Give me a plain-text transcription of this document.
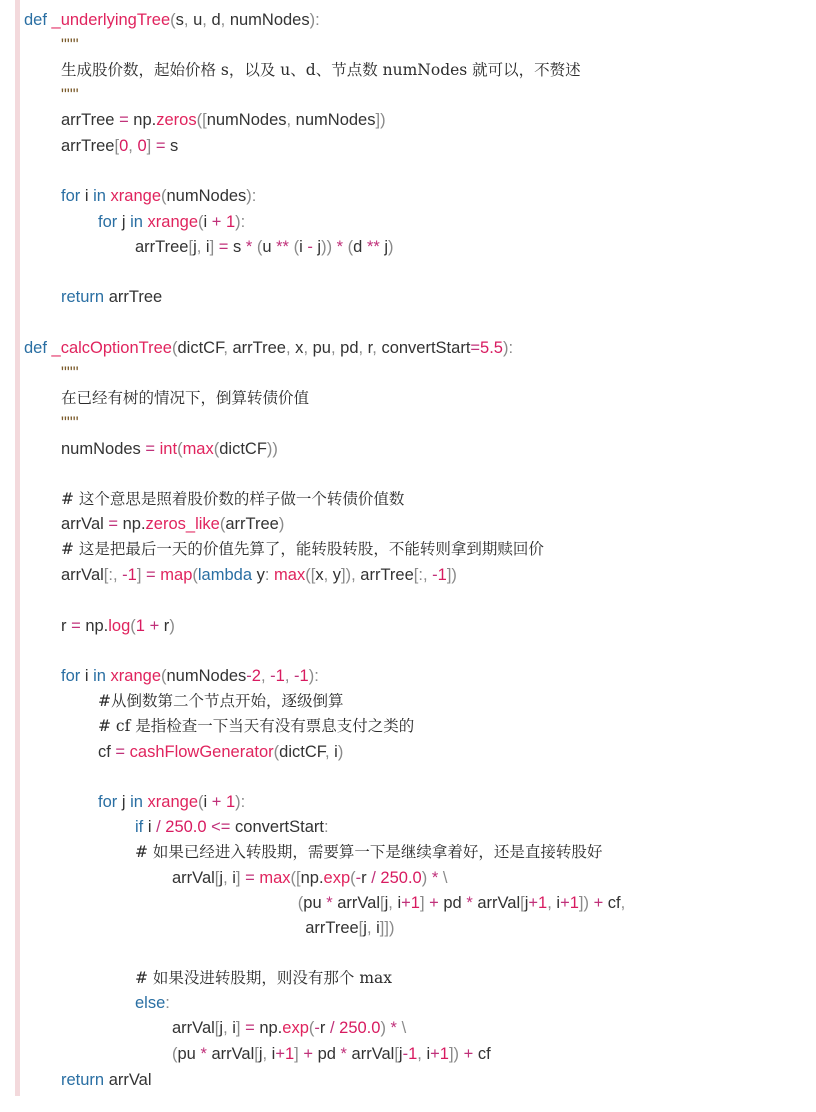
def _underlyingTree(s, u, d, numNodes):
"""
生成股价数，起始价格 s，以及 u、d、节点数 numNodes 就可以，不赘述
"""
arrTree = np.zeros([numNodes, numNodes])
arrTree[0, 0] = s
for i in xrange(numNodes):
for j in xrange(i + 1):
arrTree[j, i] = s * (u ** (i - j)) * (d ** j)
return arrTree
def _calcOptionTree(dictCF, arrTree, x, pu, pd, r, convertStart=5.5):
"""
在已经有树的情况下，倒算转债价值
"""
numNodes = int(max(dictCF))
# 这个意思是照着股价数的样子做一个转债价值数
arrVal = np.zeros_like(arrTree)
# 这是把最后一天的价值先算了，能转股转股，不能转则拿到期赎回价
arrVal[:, -1] = map(lambda y: max([x, y]), arrTree[:, -1])
r = np.log(1 + r)
for i in xrange(numNodes-2, -1, -1):
#从倒数第二个节点开始，逐级倒算
# cf 是指检查一下当天有没有票息支付之类的
cf = cashFlowGenerator(dictCF, i)
for j in xrange(i + 1):
if i / 250.0 <= convertStart:
# 如果已经进入转股期，需要算一下是继续拿着好，还是直接转股好
arrVal[j, i] = max([np.exp(-r / 250.0) * \
(pu * arrVal[j, i+1] + pd * arrVal[j+1, i+1]) + cf,
arrTree[j, i]])
# 如果没进转股期，则没有那个 max
else:
arrVal[j, i] = np.exp(-r / 250.0) * \
(pu * arrVal[j, i+1] + pd * arrVal[j-1, i+1]) + cf
return arrVal
